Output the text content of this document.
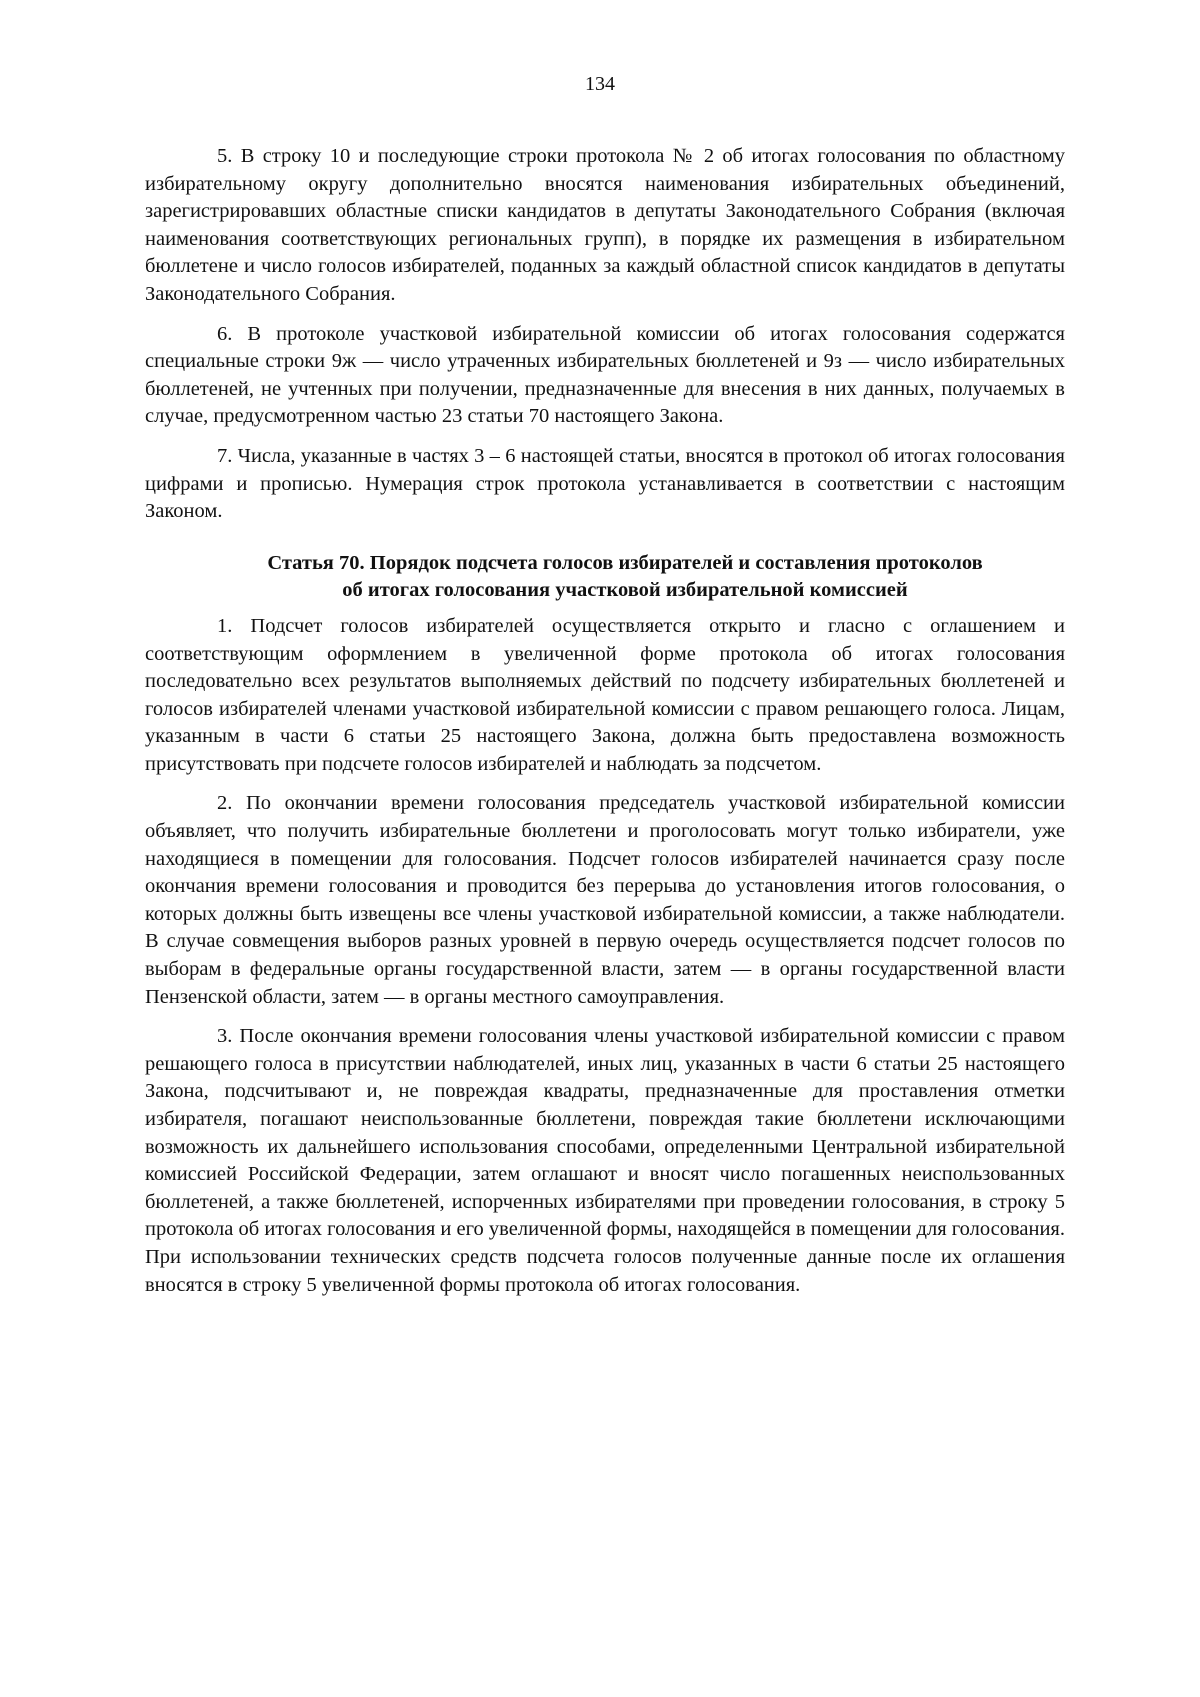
134

5. В строку 10 и последующие строки протокола № 2 об итогах голосования по областному избирательному округу дополнительно вносятся наименования избирательных объединений, зарегистрировавших областные списки кандидатов в депутаты Законодательного Собрания (включая наименования соответствующих региональных групп), в порядке их размещения в избирательном бюллетене и число голосов избирателей, поданных за каждый областной список кандидатов в депутаты Законодательного Собрания.

6. В протоколе участковой избирательной комиссии об итогах голосования содержатся специальные строки 9ж — число утраченных избирательных бюллетеней и 9з — число избирательных бюллетеней, не учтенных при получении, предназначенные для внесения в них данных, получаемых в случае, предусмотренном частью 23 статьи 70 настоящего Закона.

7. Числа, указанные в частях 3 – 6 настоящей статьи, вносятся в протокол об итогах голосования цифрами и прописью. Нумерация строк протокола устанавливается в соответствии с настоящим Законом.

Статья 70. Порядок подсчета голосов избирателей и составления протоколов
об итогах голосования участковой избирательной комиссией

1. Подсчет голосов избирателей осуществляется открыто и гласно с оглашением и соответствующим оформлением в увеличенной форме протокола об итогах голосования последовательно всех результатов выполняемых действий по подсчету избирательных бюллетеней и голосов избирателей членами участковой избирательной комиссии с правом решающего голоса. Лицам, указанным в части 6 статьи 25 настоящего Закона, должна быть предоставлена возможность присутствовать при подсчете голосов избирателей и наблюдать за подсчетом.

2. По окончании времени голосования председатель участковой избирательной комиссии объявляет, что получить избирательные бюллетени и проголосовать могут только избиратели, уже находящиеся в помещении для голосования. Подсчет голосов избирателей начинается сразу после окончания времени голосования и проводится без перерыва до установления итогов голосования, о которых должны быть извещены все члены участковой избирательной комиссии, а также наблюдатели. В случае совмещения выборов разных уровней в первую очередь осуществляется подсчет голосов по выборам в федеральные органы государственной власти, затем — в органы государственной власти Пензенской области, затем — в органы местного самоуправления.

3. После окончания времени голосования члены участковой избирательной комиссии с правом решающего голоса в присутствии наблюдателей, иных лиц, указанных в части 6 статьи 25 настоящего Закона, подсчитывают и, не повреждая квадраты, предназначенные для проставления отметки избирателя, погашают неиспользованные бюллетени, повреждая такие бюллетени исключающими возможность их дальнейшего использования способами, определенными Центральной избирательной комиссией Российской Федерации, затем оглашают и вносят число погашенных неиспользованных бюллетеней, а также бюллетеней, испорченных избирателями при проведении голосования, в строку 5 протокола об итогах голосования и его увеличенной формы, находящейся в помещении для голосования. При использовании технических средств подсчета голосов полученные данные после их оглашения вносятся в строку 5 увеличенной формы протокола об итогах голосования.
